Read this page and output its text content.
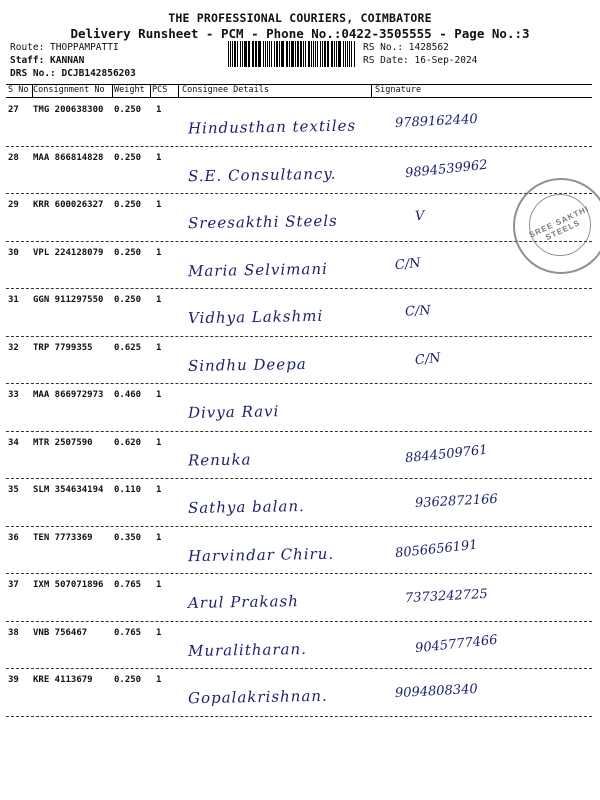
THE PROFESSIONAL COURIERS, COIMBATORE
Delivery Runsheet - PCM - Phone No.:0422-3505555 - Page No.:3
Route: THOPPAMPATTI
Staff: KANNAN
DRS No.: DCJB142856203
RS No.: 1428562
RS Date: 16-Sep-2024
S No Consignment No Weight PCS Consignee Details	Signature
27 TMG 200638300 0.250 1
Hindusthan textiles	9789162440
28 MAA 866814828 0.250 1
S.E. Consultancy.	9894539962
29 KRR 600026327 0.250 1
Sreesakthi Steels	V
30 VPL 224128079 0.250 1
Maria Selvimani	C/N
31 GGN 911297550 0.250 1
Vidhya Lakshmi	C/N
32 TRP 7799355 0.625 1
Sindhu Deepa	C/N
33 MAA 866972973 0.460 1
Divya Ravi
34 MTR 2507590 0.620 1
Renuka	8844509761
35 SLM 354634194 0.110 1
Sathya balan.	9362872166
36 TEN 7773369 0.350 1
Harvindar Chiru.	8056656191
37 IXM 507071896 0.765 1
Arul Prakash	7373242725
38 VNB 756467	0.765 1
Muralitharan.	9045777466
39 KRE 4113679 0.250 1
Gopalakrishnan.	9094808340
SREE SAKTHI STEELS
